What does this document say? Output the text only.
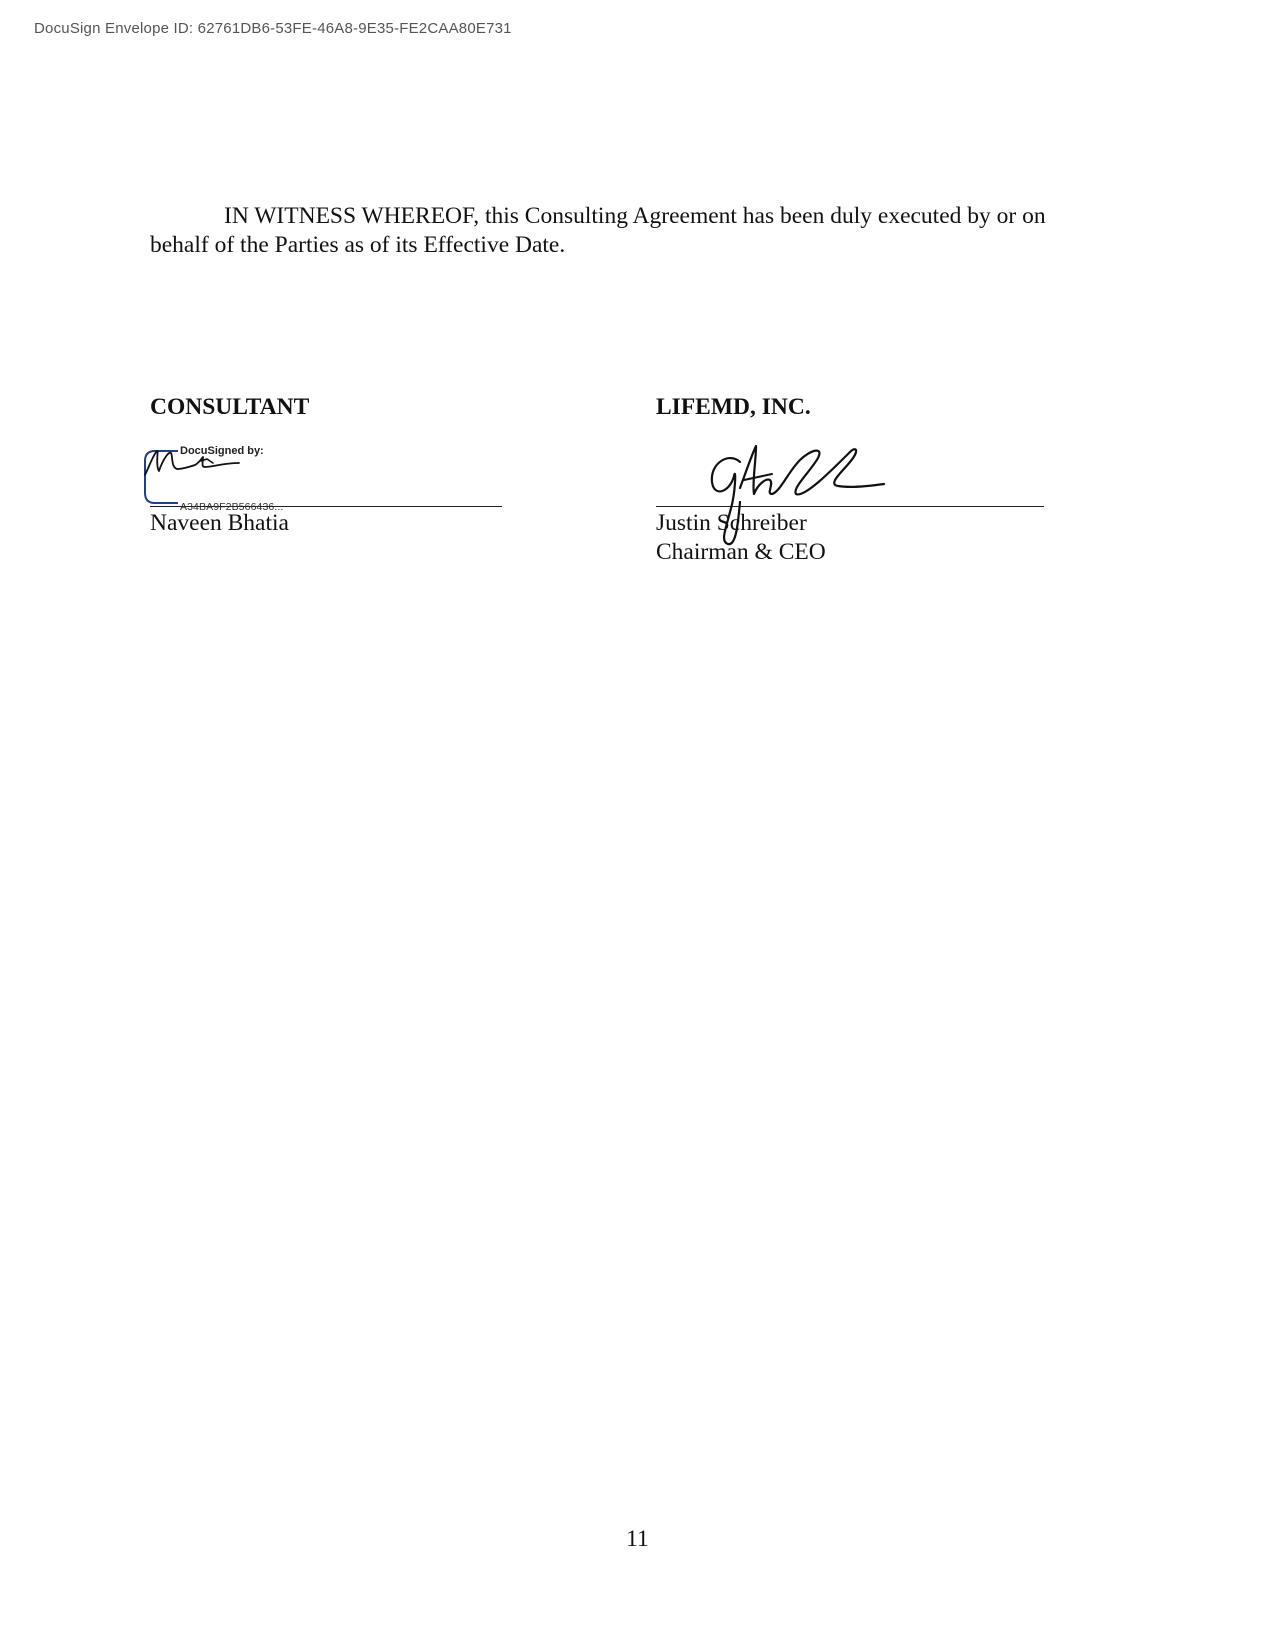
DocuSign Envelope ID: 62761DB6-53FE-46A8-9E35-FE2CAA80E731

IN WITNESS WHEREOF, this Consulting Agreement has been duly executed by or on behalf of the Parties as of its Effective Date.

CONSULTANT	LIFEMD, INC.
DocuSigned by:
A34BA9F2B566436...
Naveen Bhatia	Justin Schreiber
Chairman & CEO
11
